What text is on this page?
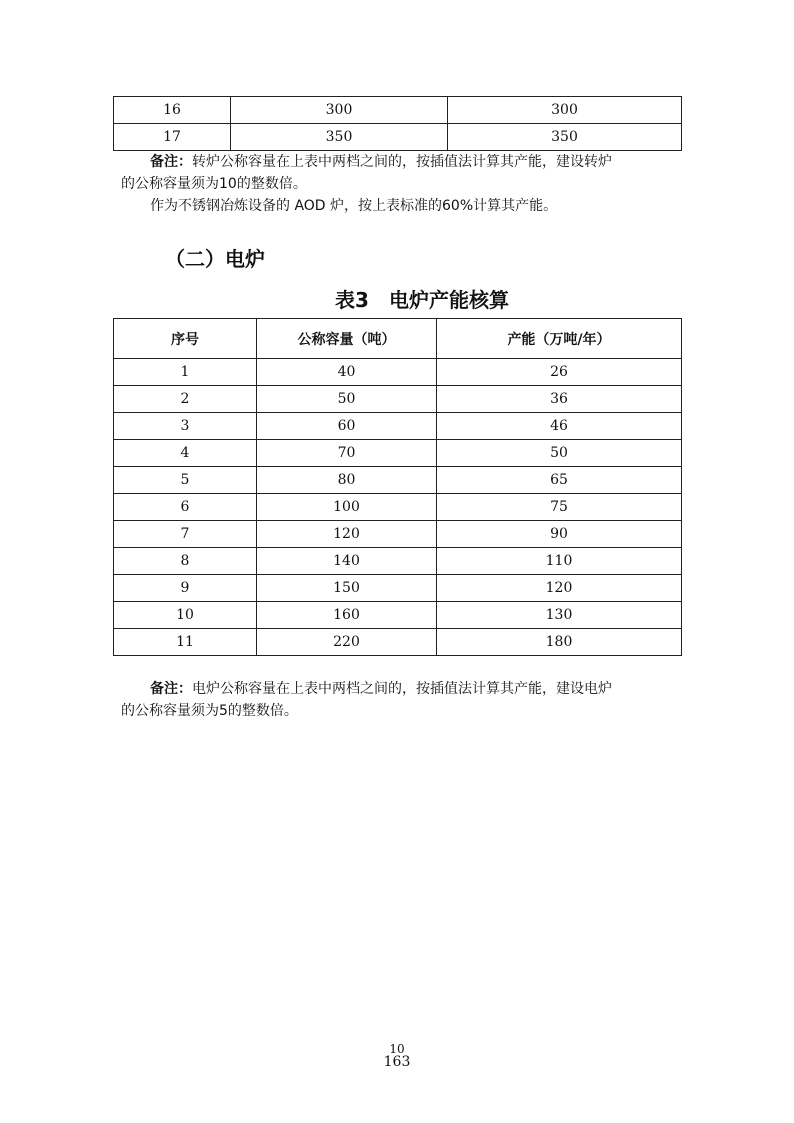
16	300	300
17	350	350

备注：转炉公称容量在上表中两档之间的，按插值法计算其产能，建设转炉

的公称容量须为10的整数倍。

作为不锈钢冶炼设备的 AOD 炉，按上表标准的60%计算其产能。

（二）电炉
表3　电炉产能核算
序号	公称容量（吨）	产能（万吨/年）
1	40	26
2	50	36
3	60	46
4	70	50
5	80	65
6	100	75
7	120	90
8	140	110
9	150	120
10	160	130
11	220	180

备注：电炉公称容量在上表中两档之间的，按插值法计算其产能，建设电炉

的公称容量须为5的整数倍。

10
163
